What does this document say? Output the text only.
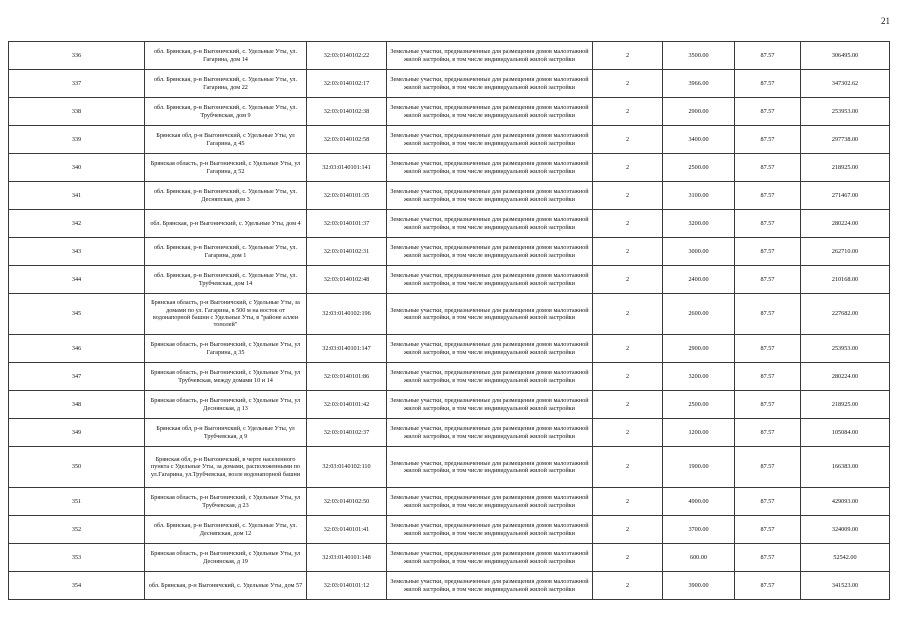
21
336	обл. Брянская, р-н Выгоничский, с. Удельные Уты, ул. Гагарина, дом 14	32:03:0140102:22	Земельные участки, предназначенные для размещения домов малоэтажной жилой застройки, в том числе индивидуальной жилой застройки	2	3500.00	87.57	306495.00
337	обл. Брянская, р-н Выгоничский, с. Удельные Уты, ул. Гагарина, дом 22	32:03:0140102:17	Земельные участки, предназначенные для размещения домов малоэтажной жилой застройки, в том числе индивидуальной жилой застройки	2	3966.00	87.57	347302.62
338	обл. Брянская, р-н Выгоничский, с. Удельные Уты, ул. Трубчевская, дом 9	32:03:0140102:38	Земельные участки, предназначенные для размещения домов малоэтажной жилой застройки, в том числе индивидуальной жилой застройки	2	2900.00	87.57	253953.00
339	Брянская обл, р-н Выгоничский, с Удельные Уты, ул Гагарина, д 45	32:03:0140102:58	Земельные участки, предназначенные для размещения домов малоэтажной жилой застройки, в том числе индивидуальной жилой застройки	2	3400.00	87.57	297738.00
340	Брянская область, р-н Выгоничский, с Удельные Уты, ул Гагарина, д 52	32:03:0140101:141	Земельные участки, предназначенные для размещения домов малоэтажной жилой застройки, в том числе индивидуальной жилой застройки	2	2500.00	87.57	218925.00
341	обл. Брянская, р-н Выгоничский, с. Удельные Уты, ул. Десняпская, дом 3	32:03:0140101:35	Земельные участки, предназначенные для размещения домов малоэтажной жилой застройки, в том числе индивидуальной жилой застройки	2	3100.00	87.57	271467.00
342	обл. Брянская, р-н Выгоничский, с. Удельные Уты, дом 4	32:03:0140101:37	Земельные участки, предназначенные для размещения домов малоэтажной жилой застройки, в том числе индивидуальной жилой застройки	2	3200.00	87.57	280224.00
343	обл. Брянская, р-н Выгоничский, с. Удельные Уты, ул. Гагарина, дом 1	32:03:0140102:31	Земельные участки, предназначенные для размещения домов малоэтажной жилой застройки, в том числе индивидуальной жилой застройки	2	3000.00	87.57	262710.00
344	обл. Брянская, р-н Выгоничский, с. Удельные Уты, ул. Трубчевская, дом 14	32:03:0140102:48	Земельные участки, предназначенные для размещения домов малоэтажной жилой застройки, в том числе индивидуальной жилой застройки	2	2400.00	87.57	210168.00
345	Брянская область, р-н Выгоничский, с Удельные Уты, за домами по ул. Гагарина, в 500 м на восток от водонапорной башни с Удельные Уты, в "районе аллеи тополей"	32:03:0140102:196	Земельные участки, предназначенные для размещения домов малоэтажной жилой застройки, в том числе индивидуальной жилой застройки	2	2600.00	87.57	227682.00
346	Брянская область, р-н Выгоничский, с Удельные Уты, ул Гагарина, д 35	32:03:0140101:147	Земельные участки, предназначенные для размещения домов малоэтажной жилой застройки, в том числе индивидуальной жилой застройки	2	2900.00	87.57	253953.00
347	Брянская область, р-н Выгоничский, с Удельные Уты, ул Трубчевская, между домами 10 и 14	32:03:0140101:86	Земельные участки, предназначенные для размещения домов малоэтажной жилой застройки, в том числе индивидуальной жилой застройки	2	3200.00	87.57	280224.00
348	Брянская область, р-н Выгоничский, с Удельные Уты, ул Деснянская, д 13	32:03:0140101:42	Земельные участки, предназначенные для размещения домов малоэтажной жилой застройки, в том числе индивидуальной жилой застройки	2	2500.00	87.57	218925.00
349	Брянская обл, р-н Выгоничский, с Удельные Уты, ул Трубчевская, д 9	32:03:0140102:37	Земельные участки, предназначенные для размещения домов малоэтажной жилой застройки, в том числе индивидуальной жилой застройки	2	1200.00	87.57	105084.00
350	Брянская обл, р-н Выгоничский, в черте населенного пункта с Удельные Уты, за домами, расположенными по ул.Гагарина, ул.Трубчевская, возле водонапорной башни	32:03:0140102:110	Земельные участки, предназначенные для размещения домов малоэтажной жилой застройки, в том числе индивидуальной жилой застройки	2	1900.00	87.57	166383.00
351	Брянская область, р-н Выгоничский, с Удельные Уты, ул Трубчевская, д 23	32:03:0140102:50	Земельные участки, предназначенные для размещения домов малоэтажной жилой застройки, в том числе индивидуальной жилой застройки	2	4900.00	87.57	429093.00
352	обл. Брянская, р-н Выгоничский, с. Удельные Уты, ул. Десняпская, дом 12	32:03:0140101:41	Земельные участки, предназначенные для размещения домов малоэтажной жилой застройки, в том числе индивидуальной жилой застройки	2	3700.00	87.57	324009.00
353	Брянская область, р-н Выгоничский, с Удельные Уты, ул Деснянская, д 19	32:03:0140101:148	Земельные участки, предназначенные для размещения домов малоэтажной жилой застройки, в том числе индивидуальной жилой застройки	2	600.00	87.57	52542.00
354	обл. Брянская, р-н Выгоничский, с. Удельные Уты, дом 57	32:03:0140101:12	Земельные участки, предназначенные для размещения домов малоэтажной жилой застройки, в том числе индивидуальной жилой застройки	2	3900.00	87.57	341523.00
